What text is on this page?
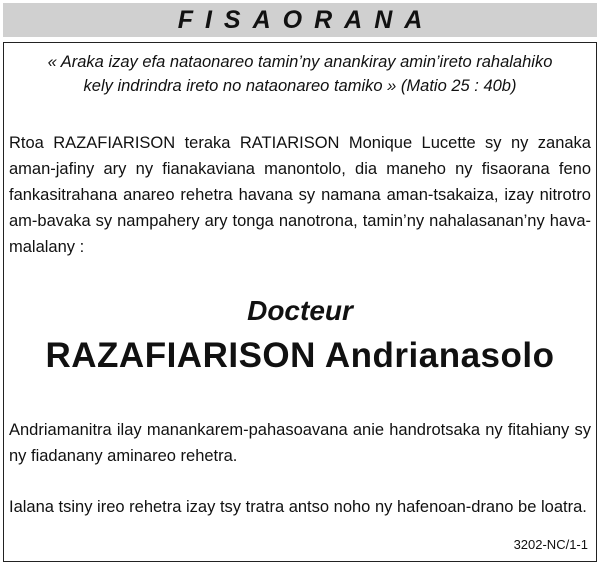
FISAORANA
« Araka izay efa nataonareo tamin’ny anankiray amin’ireto rahalahiko
kely indrindra ireto no nataonareo tamiko » (Matio 25 : 40b)
Rtoa RAZAFIARISON teraka RATIARISON Monique Lucette sy ny zanaka aman-jafiny ary ny fianakaviana manontolo, dia maneho ny fisaorana feno fankasitrahana anareo rehetra havana sy namana aman-tsakaiza, izay nitrotro am-bavaka sy nampahery ary tonga nanotrona, tamin’ny nahalasanan’ny hava-malalany :
Docteur
RAZAFIARISON Andrianasolo
Andriamanitra ilay manankarem-pahasoavana anie handrotsaka ny fitahiany sy ny fiadanany aminareo rehetra.
Ialana tsiny ireo rehetra izay tsy tratra antso noho ny hafenoan-drano be loatra.
3202-NC/1-1
